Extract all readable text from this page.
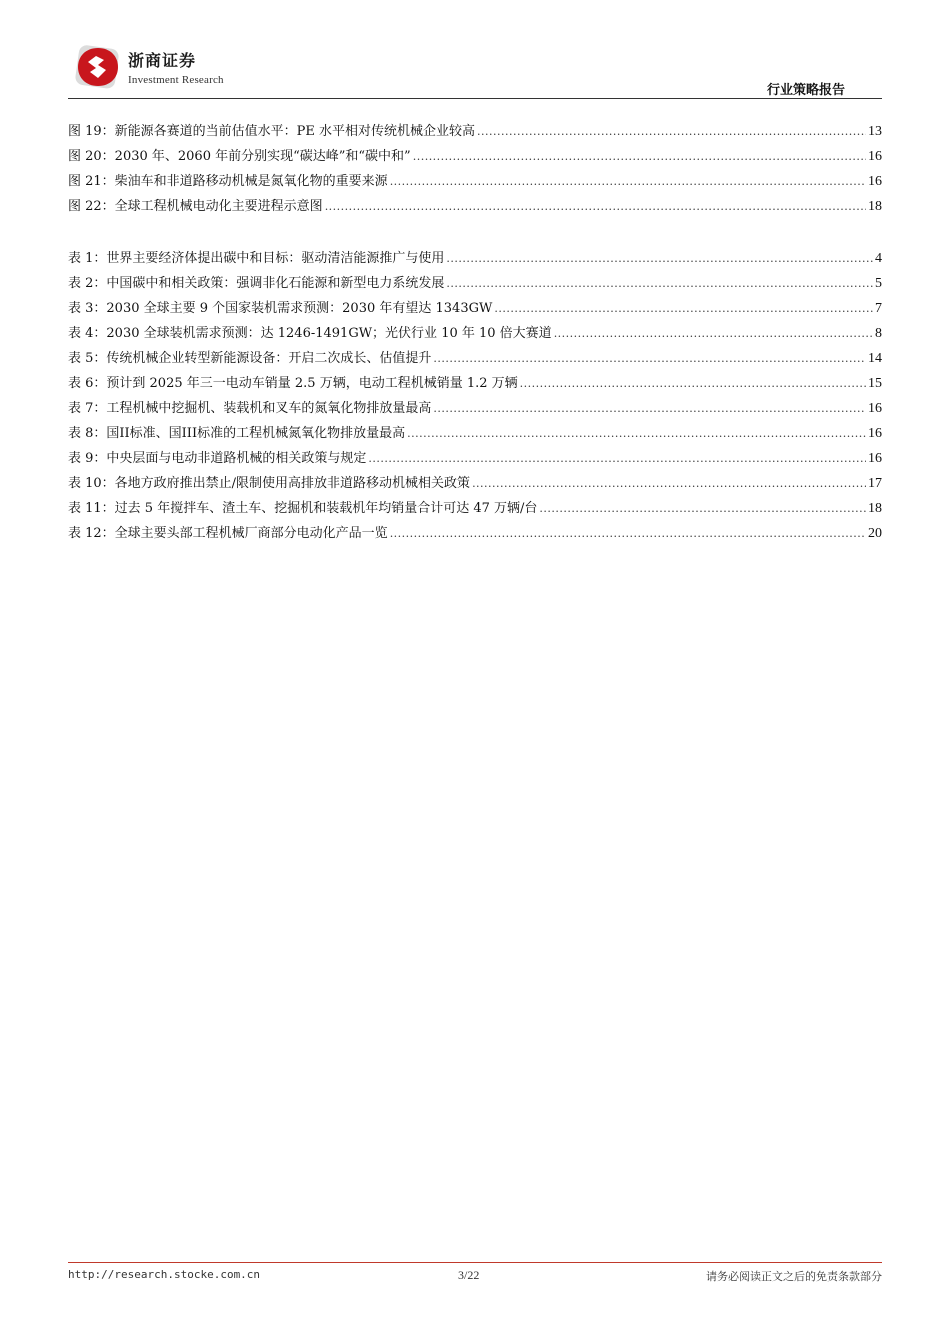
浙商证券
Investment Research
行业策略报告
图 19：新能源各赛道的当前估值水平：PE 水平相对传统机械企业较高 .....	13
图 20：2030 年、2060 年前分别实现“碳达峰”和“碳中和” .....	16
图 21：柴油车和非道路移动机械是氮氧化物的重要来源 .....	16
图 22：全球工程机械电动化主要进程示意图 .....	18
表 1：世界主要经济体提出碳中和目标：驱动清洁能源推广与使用 .....	4
表 2：中国碳中和相关政策：强调非化石能源和新型电力系统发展 .....	5
表 3：2030 全球主要 9 个国家装机需求预测：2030 年有望达 1343GW .....	7
表 4：2030 全球装机需求预测：达 1246-1491GW；光伏行业 10 年 10 倍大赛道 .....	8
表 5：传统机械企业转型新能源设备：开启二次成长、估值提升 .....	14
表 6：预计到 2025 年三一电动车销量 2.5 万辆，电动工程机械销量 1.2 万辆 .....	15
表 7：工程机械中挖掘机、装载机和叉车的氮氧化物排放量最高 .....	16
表 8：国II标准、国III标准的工程机械氮氧化物排放量最高 .....	16
表 9：中央层面与电动非道路机械的相关政策与规定 .....	16
表 10：各地方政府推出禁止/限制使用高排放非道路移动机械相关政策 .....	17
表 11：过去 5 年搅拌车、渣土车、挖掘机和装载机年均销量合计可达 47 万辆/台 .....	18
表 12：全球主要头部工程机械厂商部分电动化产品一览 .....	20
http://research.stocke.com.cn	3/22	请务必阅读正文之后的免责条款部分
